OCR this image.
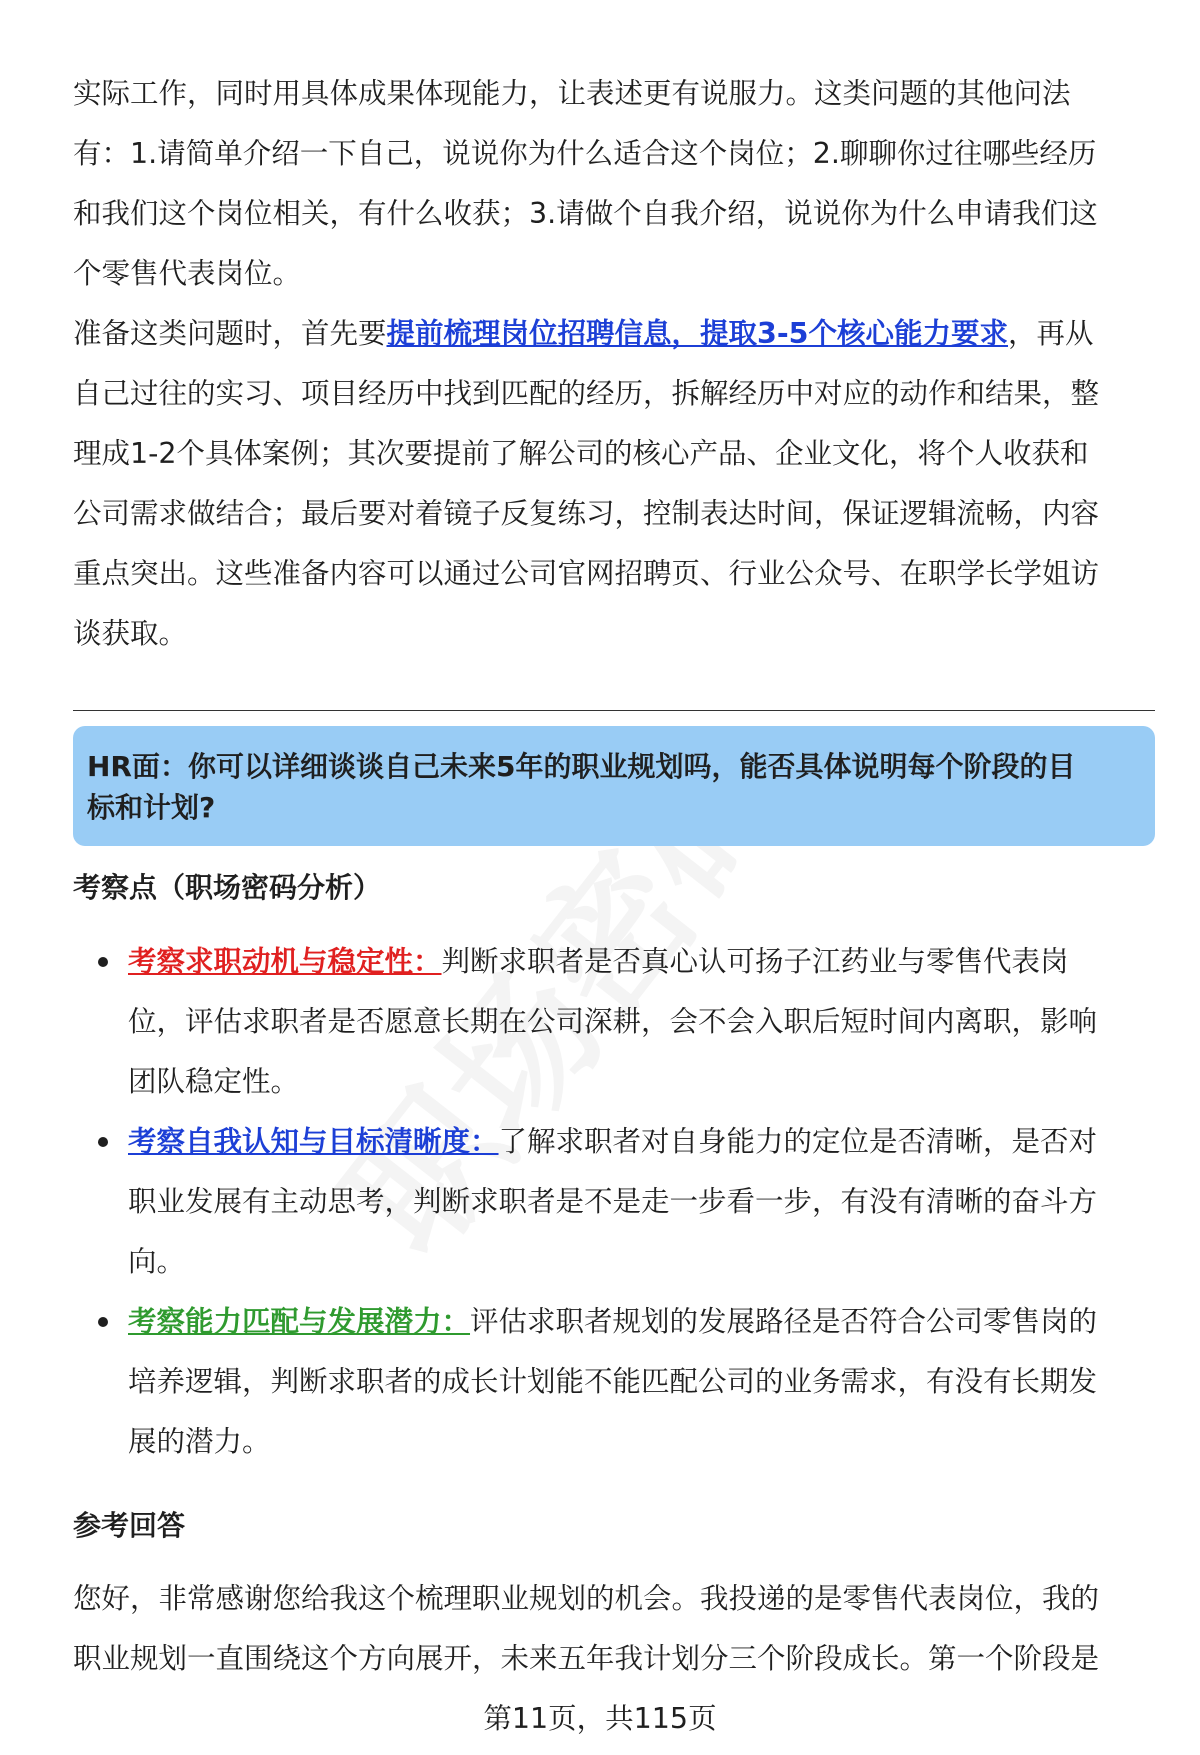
实际工作，同时用具体成果体现能力，让表述更有说服力。这类问题的其他问法
有：1.请简单介绍一下自己，说说你为什么适合这个岗位；2.聊聊你过往哪些经历
和我们这个岗位相关，有什么收获；3.请做个自我介绍，说说你为什么申请我们这
个零售代表岗位。
准备这类问题时，首先要提前梳理岗位招聘信息，提取3-5个核心能力要求，再从
自己过往的实习、项目经历中找到匹配的经历，拆解经历中对应的动作和结果，整
理成1-2个具体案例；其次要提前了解公司的核心产品、企业文化，将个人收获和
公司需求做结合；最后要对着镜子反复练习，控制表达时间，保证逻辑流畅，内容
重点突出。这些准备内容可以通过公司官网招聘页、行业公众号、在职学长学姐访
谈获取。
HR面：你可以详细谈谈自己未来5年的职业规划吗，能否具体说明每个阶段的目
标和计划?

考察点（职场密码分析）

考察求职动机与稳定性：判断求职者是否真心认可扬子江药业与零售代表岗
位，评估求职者是否愿意长期在公司深耕，会不会入职后短时间内离职，影响
团队稳定性。
考察自我认知与目标清晰度：了解求职者对自身能力的定位是否清晰，是否对
职业发展有主动思考，判断求职者是不是走一步看一步，有没有清晰的奋斗方
向。
考察能力匹配与发展潜力：评估求职者规划的发展路径是否符合公司零售岗的
培养逻辑，判断求职者的成长计划能不能匹配公司的业务需求，有没有长期发
展的潜力。

参考回答

您好，非常感谢您给我这个梳理职业规划的机会。我投递的是零售代表岗位，我的
职业规划一直围绕这个方向展开，未来五年我计划分三个阶段成长。第一个阶段是
第11页，共115页
